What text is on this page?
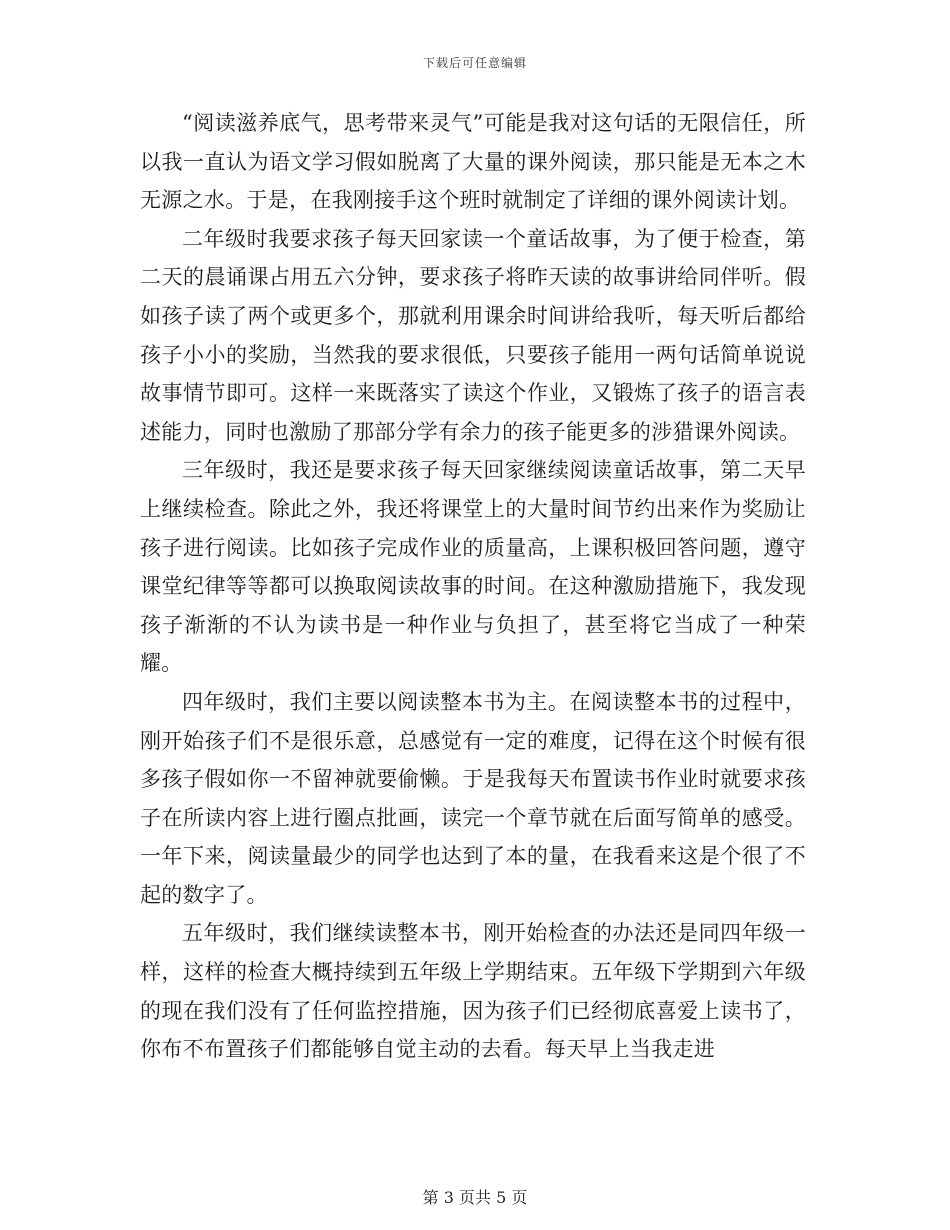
下载后可任意编辑

“阅读滋养底气，思考带来灵气”可能是我对这句话的无限信任，所以我一直认为语文学习假如脱离了大量的课外阅读，那只能是无本之木无源之水。于是，在我刚接手这个班时就制定了详细的课外阅读计划。

二年级时我要求孩子每天回家读一个童话故事，为了便于检查，第二天的晨诵课占用五六分钟，要求孩子将昨天读的故事讲给同伴听。假如孩子读了两个或更多个，那就利用课余时间讲给我听，每天听后都给孩子小小的奖励，当然我的要求很低，只要孩子能用一两句话简单说说故事情节即可。这样一来既落实了读这个作业，又锻炼了孩子的语言表述能力，同时也激励了那部分学有余力的孩子能更多的涉猎课外阅读。

三年级时，我还是要求孩子每天回家继续阅读童话故事，第二天早上继续检查。除此之外，我还将课堂上的大量时间节约出来作为奖励让孩子进行阅读。比如孩子完成作业的质量高，上课积极回答问题，遵守课堂纪律等等都可以换取阅读故事的时间。在这种激励措施下，我发现孩子渐渐的不认为读书是一种作业与负担了，甚至将它当成了一种荣耀。

四年级时，我们主要以阅读整本书为主。在阅读整本书的过程中，刚开始孩子们不是很乐意，总感觉有一定的难度，记得在这个时候有很多孩子假如你一不留神就要偷懒。于是我每天布置读书作业时就要求孩子在所读内容上进行圈点批画，读完一个章节就在后面写简单的感受。一年下来，阅读量最少的同学也达到了本的量，在我看来这是个很了不起的数字了。

五年级时，我们继续读整本书，刚开始检查的办法还是同四年级一样，这样的检查大概持续到五年级上学期结束。五年级下学期到六年级的现在我们没有了任何监控措施，因为孩子们已经彻底喜爱上读书了，你布不布置孩子们都能够自觉主动的去看。每天早上当我走进

第 3 页共 5 页
